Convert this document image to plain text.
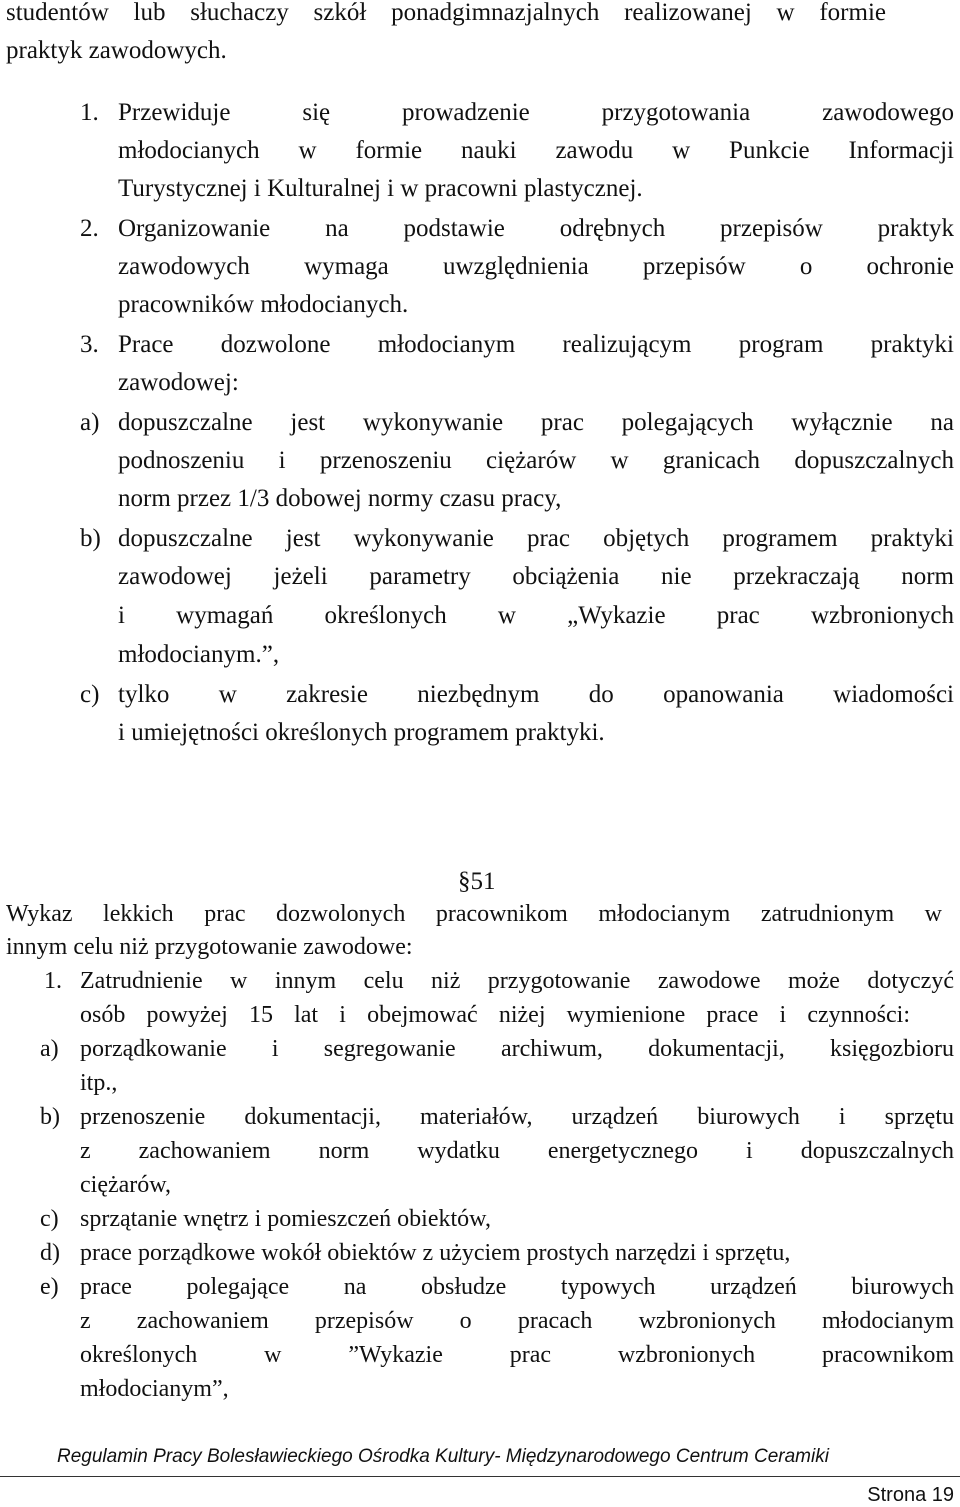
studentów lub słuchaczy szkół ponadgimnazjalnych realizowanej w formie
praktyk zawodowych.
1. Przewiduje się prowadzenie przygotowania zawodowego
młodocianych w formie nauki zawodu w Punkcie Informacji
Turystycznej i Kulturalnej i w pracowni plastycznej.
2. Organizowanie na podstawie odrębnych przepisów praktyk
zawodowych wymaga uwzględnienia przepisów o ochronie
pracowników młodocianych.
3. Prace dozwolone młodocianym realizującym program praktyki
zawodowej:
a) dopuszczalne jest wykonywanie prac polegających wyłącznie na
podnoszeniu i przenoszeniu ciężarów w granicach dopuszczalnych
norm przez 1/3 dobowej normy czasu pracy,
b) dopuszczalne jest wykonywanie prac objętych programem praktyki
zawodowej jeżeli parametry obciążenia nie przekraczają norm
i wymagań określonych w „Wykazie prac wzbronionych
młodocianym.”,
c) tylko w zakresie niezbędnym do opanowania wiadomości
i umiejętności określonych programem praktyki.
§51
Wykaz lekkich prac dozwolonych pracownikom młodocianym zatrudnionym w
innym celu niż przygotowanie zawodowe:
1. Zatrudnienie w innym celu niż przygotowanie zawodowe może dotyczyć
osób powyżej 15 lat i obejmować niżej wymienione prace i czynności:
a) porządkowanie i segregowanie archiwum, dokumentacji, księgozbioru
itp.,
b) przenoszenie dokumentacji, materiałów, urządzeń biurowych i sprzętu
z zachowaniem norm wydatku energetycznego i dopuszczalnych
ciężarów,
c) sprzątanie wnętrz i pomieszczeń obiektów,
d) prace porządkowe wokół obiektów z użyciem prostych narzędzi i sprzętu,
e) prace polegające na obsłudze typowych urządzeń biurowych
z zachowaniem przepisów o pracach wzbronionych młodocianym
określonych w ”Wykazie prac wzbronionych pracownikom
młodocianym”,
Regulamin Pracy Bolesławieckiego Ośrodka Kultury- Międzynarodowego Centrum Ceramiki
Strona 19
